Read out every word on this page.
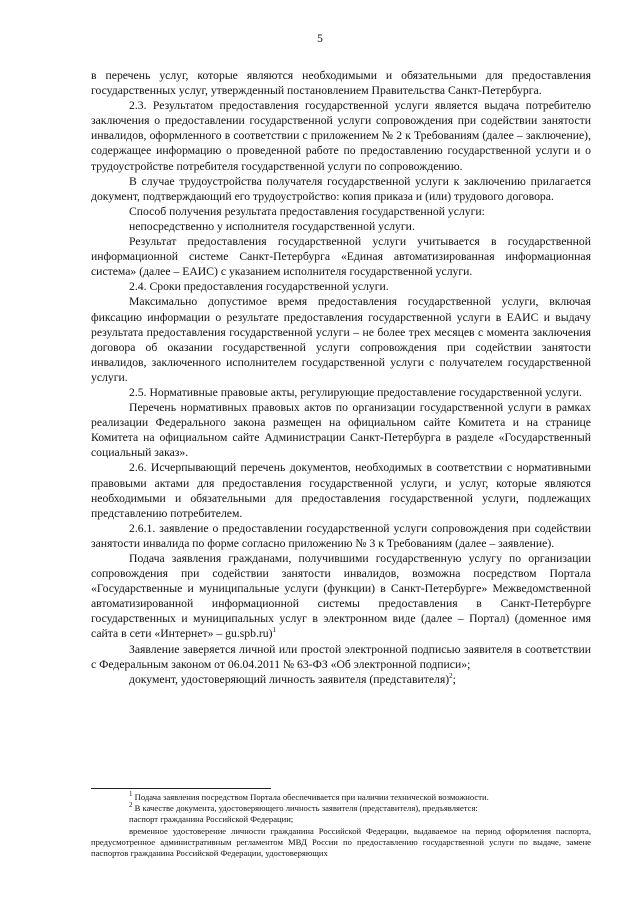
5

в перечень услуг, которые являются необходимыми и обязательными для предоставления государственных услуг, утвержденный постановлением Правительства Санкт-Петербурга.

2.3. Результатом предоставления государственной услуги является выдача потребителю заключения о предоставлении государственной услуги сопровождения при содействии занятости инвалидов, оформленного в соответствии с приложением № 2 к Требованиям (далее – заключение), содержащее информацию о проведенной работе по предоставлению государственной услуги и о трудоустройстве потребителя государственной услуги по сопровождению.

В случае трудоустройства получателя государственной услуги к заключению прилагается документ, подтверждающий его трудоустройство: копия приказа и (или) трудового договора.

Способ получения результата предоставления государственной услуги:

непосредственно у исполнителя государственной услуги.

Результат предоставления государственной услуги учитывается в государственной информационной системе Санкт-Петербурга «Единая автоматизированная информационная система» (далее – ЕАИС) с указанием исполнителя государственной услуги.

2.4. Сроки предоставления государственной услуги.

Максимально допустимое время предоставления государственной услуги, включая фиксацию информации о результате предоставления государственной услуги в ЕАИС и выдачу результата предоставления государственной услуги – не более трех месяцев с момента заключения договора об оказании государственной услуги сопровождения при содействии занятости инвалидов, заключенного исполнителем государственной услуги с получателем государственной услуги.

2.5. Нормативные правовые акты, регулирующие предоставление государственной услуги.

Перечень нормативных правовых актов по организации государственной услуги в рамках реализации Федерального закона размещен на официальном сайте Комитета и на странице Комитета на официальном сайте Администрации Санкт-Петербурга в разделе «Государственный социальный заказ».

2.6. Исчерпывающий перечень документов, необходимых в соответствии с нормативными правовыми актами для предоставления государственной услуги, и услуг, которые являются необходимыми и обязательными для предоставления государственной услуги, подлежащих представлению потребителем.

2.6.1. заявление о предоставлении государственной услуги сопровождения при содействии занятости инвалида по форме согласно приложению № 3 к Требованиям (далее – заявление).

Подача заявления гражданами, получившими государственную услугу по организации сопровождения при содействии занятости инвалидов, возможна посредством Портала «Государственные и муниципальные услуги (функции) в Санкт-Петербурге» Межведомственной автоматизированной информационной системы предоставления в Санкт-Петербурге государственных и муниципальных услуг в электронном виде (далее – Портал) (доменное имя сайта в сети «Интернет» – gu.spb.ru)$^1$

Заявление заверяется личной или простой электронной подписью заявителя в соответствии с Федеральным законом от 06.04.2011 № 63-ФЗ «Об электронной подписи»;

документ, удостоверяющий личность заявителя (представителя)$^2$;

$^1$ Подача заявления посредством Портала обеспечивается при наличии технической возможности.

$^2$ В качестве документа, удостоверяющего личность заявителя (представителя), предъявляется:

паспорт гражданина Российской Федерации;

временное удостоверение личности гражданина Российской Федерации, выдаваемое на период оформления паспорта, предусмотренное административным регламентом МВД России по предоставлению государственной услуги по выдаче, замене паспортов гражданина Российской Федерации, удостоверяющих
